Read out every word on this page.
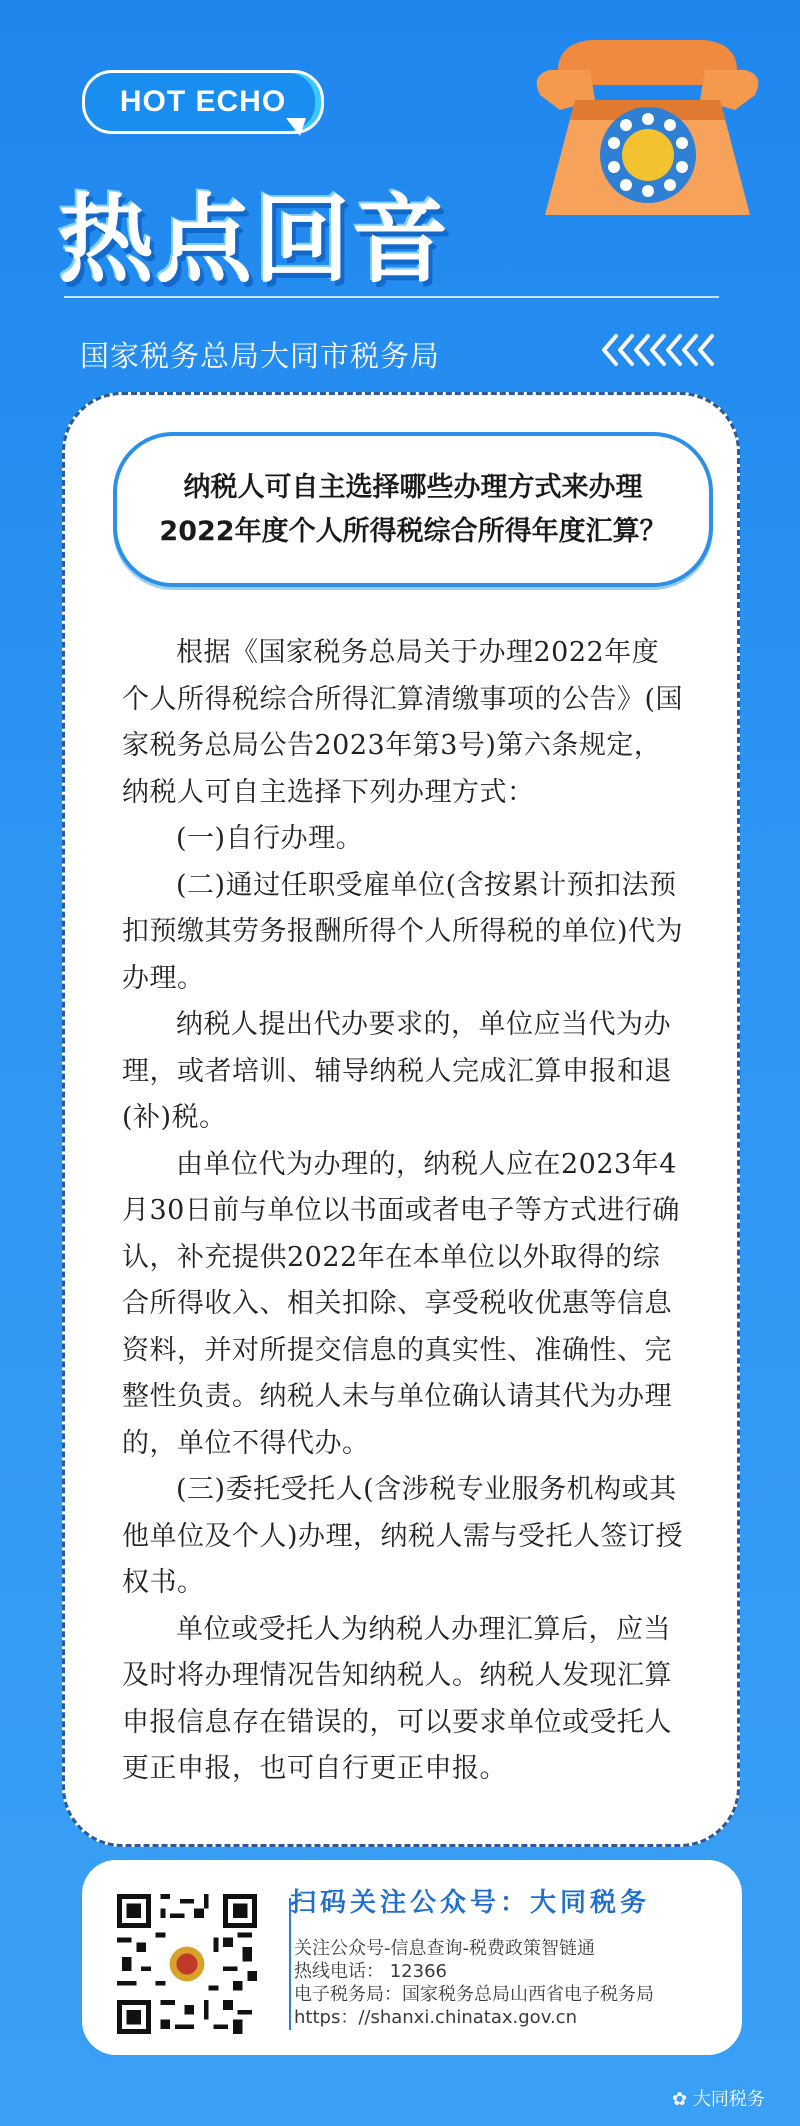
HOT ECHO
热点回音
国家税务总局大同市税务局
纳税人可自主选择哪些办理方式来办理
2022年度个人所得税综合所得年度汇算？

根据《国家税务总局关于办理2022年度个人所得税综合所得汇算清缴事项的公告》(国家税务总局公告2023年第3号)第六条规定，纳税人可自主选择下列办理方式：

(一)自行办理。

(二)通过任职受雇单位(含按累计预扣法预扣预缴其劳务报酬所得个人所得税的单位)代为办理。

纳税人提出代办要求的，单位应当代为办理，或者培训、辅导纳税人完成汇算申报和退(补)税。

由单位代为办理的，纳税人应在2023年4月30日前与单位以书面或者电子等方式进行确认，补充提供2022年在本单位以外取得的综合所得收入、相关扣除、享受税收优惠等信息资料，并对所提交信息的真实性、准确性、完整性负责。纳税人未与单位确认请其代为办理的，单位不得代办。

(三)委托受托人(含涉税专业服务机构或其他单位及个人)办理，纳税人需与受托人签订授权书。

单位或受托人为纳税人办理汇算后，应当及时将办理情况告知纳税人。纳税人发现汇算申报信息存在错误的，可以要求单位或受托人更正申报，也可自行更正申报。

扫码关注公众号：大同税务
关注公众号-信息查询-税费政策智链通
热线电话： 12366
电子税务局：国家税务总局山西省电子税务局
https：//shanxi.chinatax.gov.cn
✿ 大同税务
